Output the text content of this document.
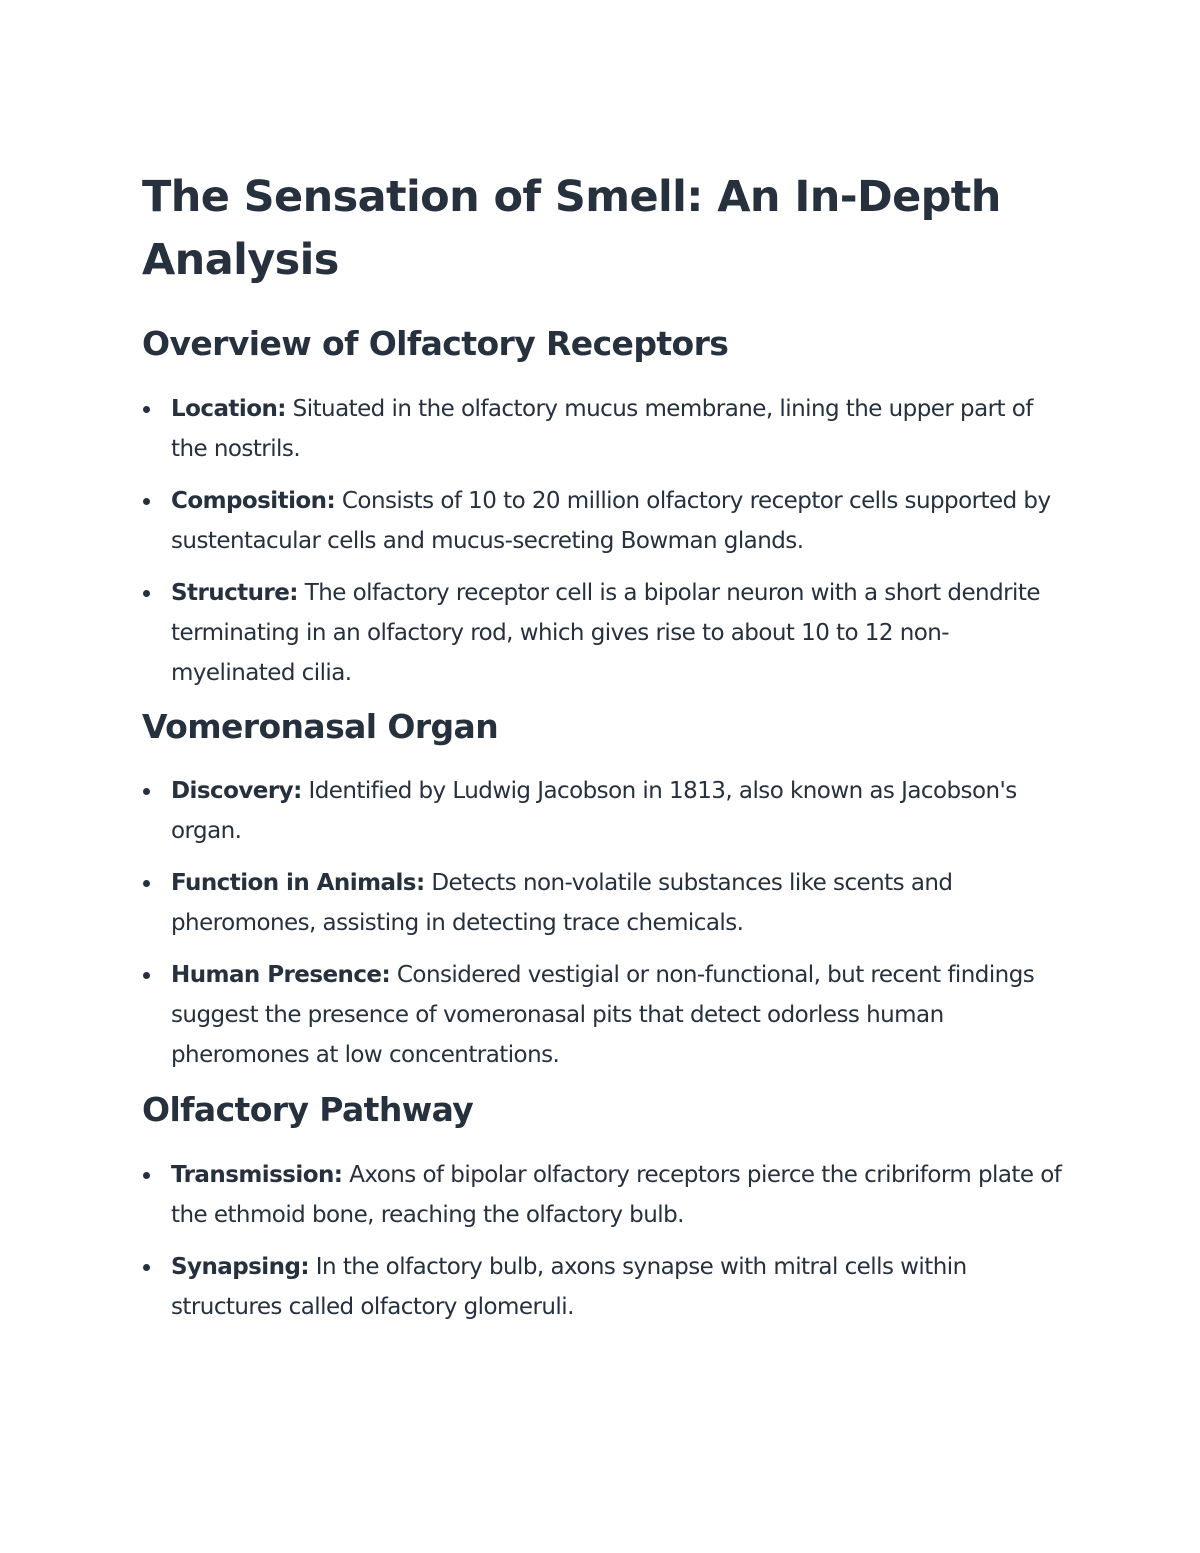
The Sensation of Smell: An In-Depth Analysis
Overview of Olfactory Receptors
Location: Situated in the olfactory mucus membrane, lining the upper part of the nostrils.
Composition: Consists of 10 to 20 million olfactory receptor cells supported by sustentacular cells and mucus-secreting Bowman glands.
Structure: The olfactory receptor cell is a bipolar neuron with a short dendrite terminating in an olfactory rod, which gives rise to about 10 to 12 non-myelinated cilia.
Vomeronasal Organ
Discovery: Identified by Ludwig Jacobson in 1813, also known as Jacobson's organ.
Function in Animals: Detects non-volatile substances like scents and pheromones, assisting in detecting trace chemicals.
Human Presence: Considered vestigial or non-functional, but recent findings suggest the presence of vomeronasal pits that detect odorless human pheromones at low concentrations.
Olfactory Pathway
Transmission: Axons of bipolar olfactory receptors pierce the cribriform plate of the ethmoid bone, reaching the olfactory bulb.
Synapsing: In the olfactory bulb, axons synapse with mitral cells within structures called olfactory glomeruli.
